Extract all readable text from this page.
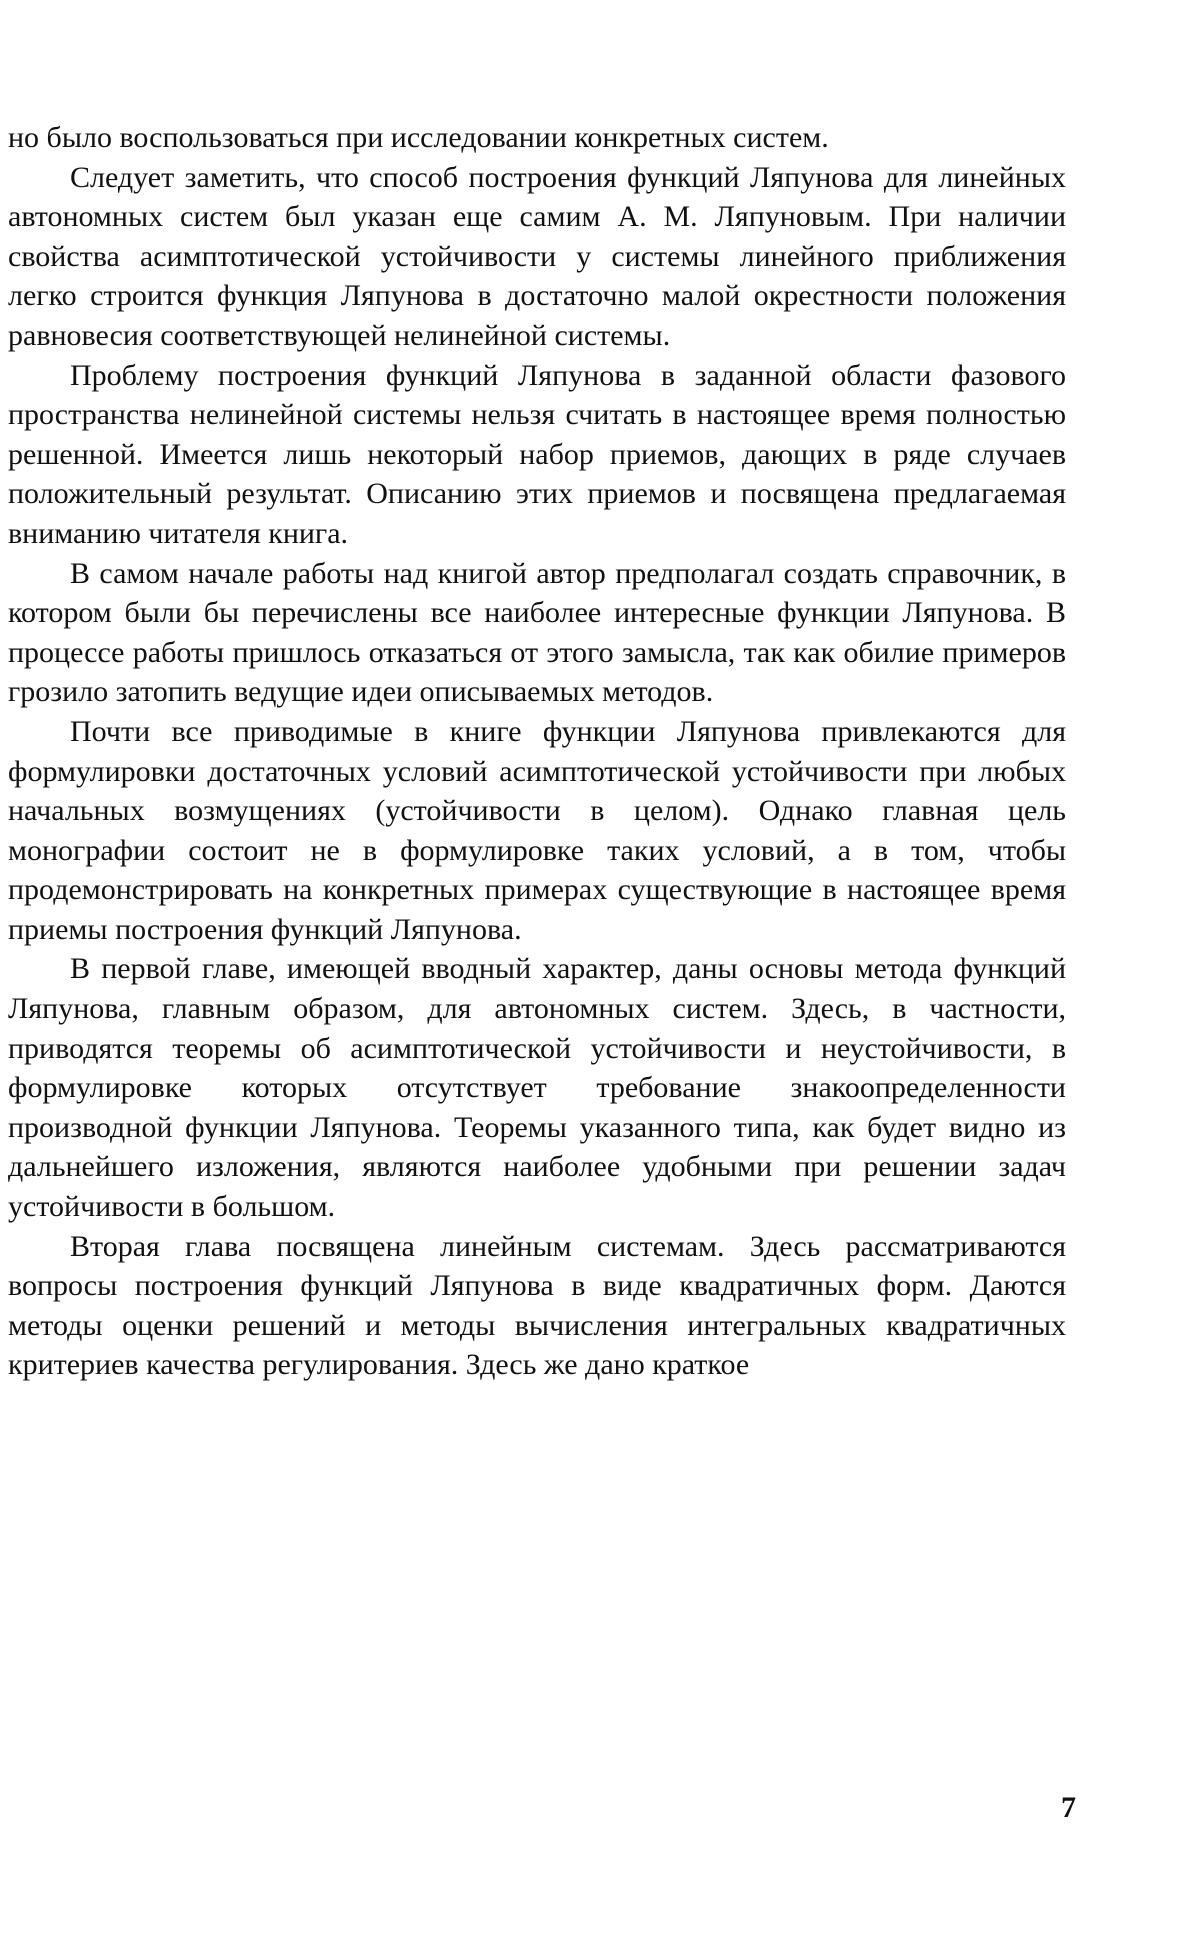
но было воспользоваться при исследовании конкретных систем.

Следует заметить, что способ построения функций Ляпунова для линейных автономных систем был указан еще самим А. М. Ляпуновым. При наличии свойства асимптотической устойчивости у системы линейного приближения легко строится функция Ляпунова в достаточно малой окрестности положения равновесия соответствующей нелинейной системы.

Проблему построения функций Ляпунова в заданной области фазового пространства нелинейной системы нельзя считать в настоящее время полностью решенной. Имеется лишь некоторый набор приемов, дающих в ряде случаев положительный результат. Описанию этих приемов и посвящена предлагаемая вниманию читателя книга.

В самом начале работы над книгой автор предполагал создать справочник, в котором были бы перечислены все наиболее интересные функции Ляпунова. В процессе работы пришлось отказаться от этого замысла, так как обилие примеров грозило затопить ведущие идеи описываемых методов.

Почти все приводимые в книге функции Ляпунова привлекаются для формулировки достаточных условий асимптотической устойчивости при любых начальных возмущениях (устойчивости в целом). Однако главная цель монографии состоит не в формулировке таких условий, а в том, чтобы продемонстрировать на конкретных примерах существующие в настоящее время приемы построения функций Ляпунова.

В первой главе, имеющей вводный характер, даны основы метода функций Ляпунова, главным образом, для автономных систем. Здесь, в частности, приводятся теоремы об асимптотической устойчивости и неустойчивости, в формулировке которых отсутствует требование знакоопределенности производной функции Ляпунова. Теоремы указанного типа, как будет видно из дальнейшего изложения, являются наиболее удобными при решении задач устойчивости в большом.

Вторая глава посвящена линейным системам. Здесь рассматриваются вопросы построения функций Ляпунова в виде квадратичных форм. Даются методы оценки решений и методы вычисления интегральных квадратичных критериев качества регулирования. Здесь же дано краткое

7
